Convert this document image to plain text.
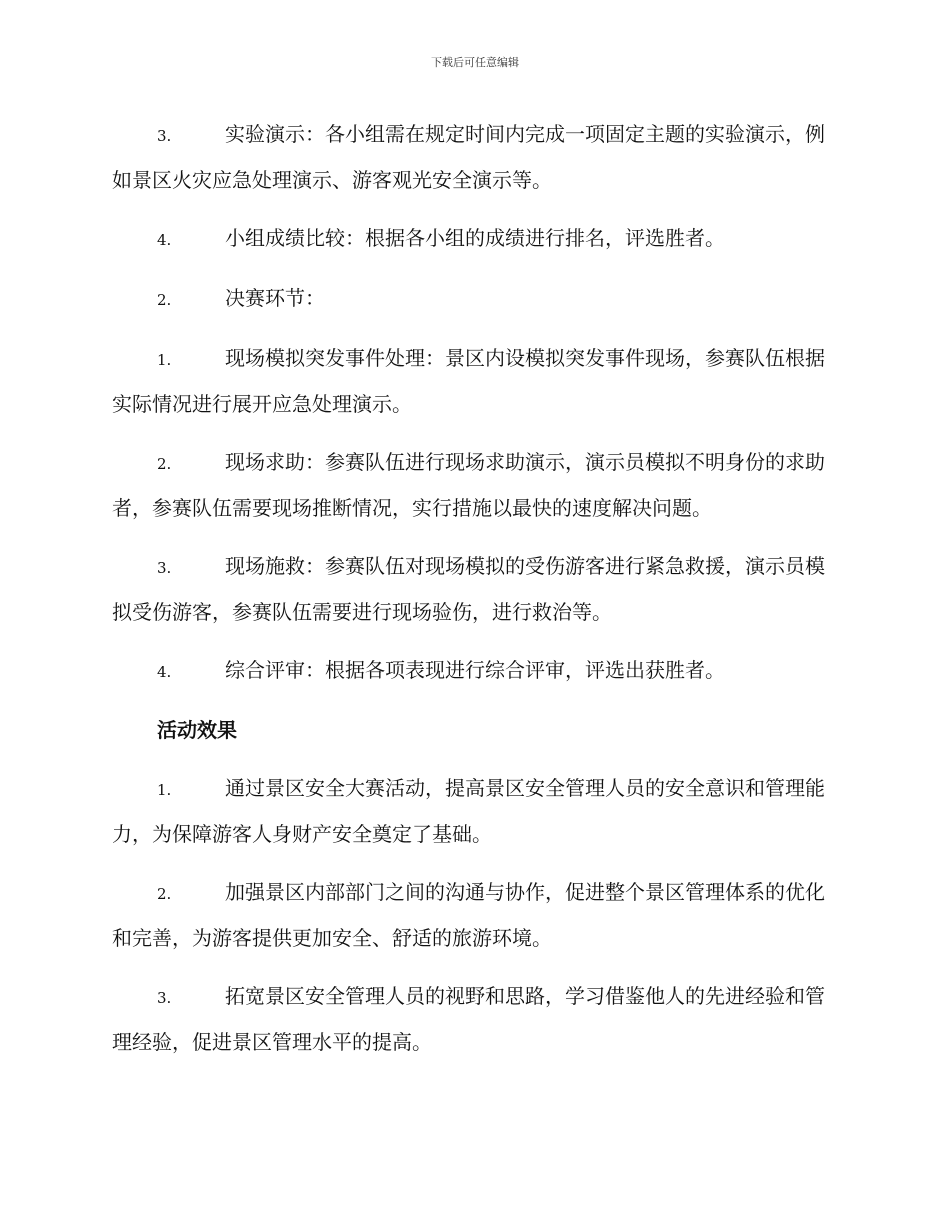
下载后可任意编辑

3.	实验演示：各小组需在规定时间内完成一项固定主题的实验演示，例如景区火灾应急处理演示、游客观光安全演示等。

4.	小组成绩比较：根据各小组的成绩进行排名，评选胜者。

2.	决赛环节：

1.	现场模拟突发事件处理：景区内设模拟突发事件现场，参赛队伍根据实际情况进行展开应急处理演示。

2.	现场求助：参赛队伍进行现场求助演示，演示员模拟不明身份的求助者，参赛队伍需要现场推断情况，实行措施以最快的速度解决问题。

3.	现场施救：参赛队伍对现场模拟的受伤游客进行紧急救援，演示员模拟受伤游客，参赛队伍需要进行现场验伤，进行救治等。

4.	综合评审：根据各项表现进行综合评审，评选出获胜者。

活动效果

1.	通过景区安全大赛活动，提高景区安全管理人员的安全意识和管理能力，为保障游客人身财产安全奠定了基础。

2.	加强景区内部部门之间的沟通与协作，促进整个景区管理体系的优化和完善，为游客提供更加安全、舒适的旅游环境。

3.	拓宽景区安全管理人员的视野和思路，学习借鉴他人的先进经验和管理经验，促进景区管理水平的提高。
